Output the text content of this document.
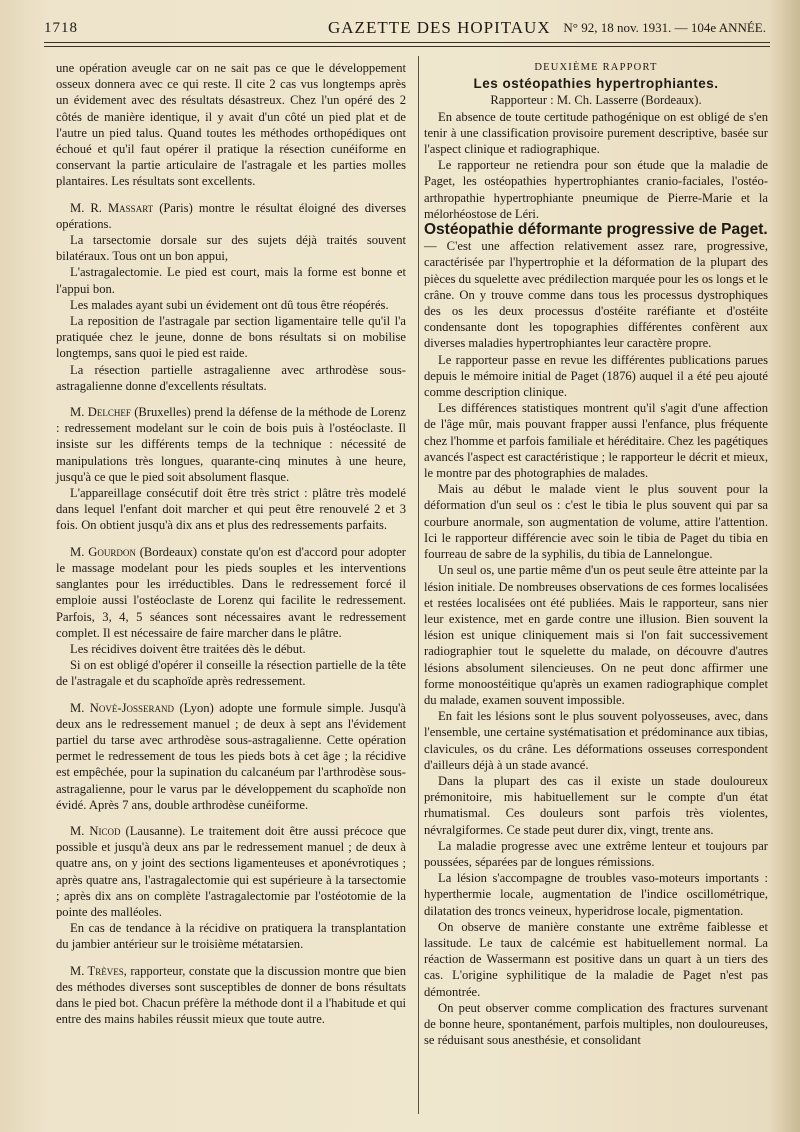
1718	GAZETTE DES HOPITAUX N° 92, 18 nov. 1931. — 104e ANNÉE.

une opération aveugle car on ne sait pas ce que le développement osseux donnera avec ce qui reste. Il cite 2 cas vus longtemps après un évidement avec des résultats désastreux. Chez l'un opéré des 2 côtés de manière identique, il y avait d'un côté un pied plat et de l'autre un pied talus. Quand toutes les méthodes orthopédiques ont échoué et qu'il faut opérer il pratique la résection cunéiforme en conservant la partie articulaire de l'astragale et les parties molles plantaires. Les résultats sont excellents.

M. R. Massart (Paris) montre le résultat éloigné des diverses opérations.

La tarsectomie dorsale sur des sujets déjà traités souvent bilatéraux. Tous ont un bon appui,

L'astragalectomie. Le pied est court, mais la forme est bonne et l'appui bon.

Les malades ayant subi un évidement ont dû tous être réopérés.

La reposition de l'astragale par section ligamentaire telle qu'il l'a pratiquée chez le jeune, donne de bons résultats si on mobilise longtemps, sans quoi le pied est raide.

La résection partielle astragalienne avec arthrodèse sous-astragalienne donne d'excellents résultats.

M. Delchef (Bruxelles) prend la défense de la méthode de Lorenz : redressement modelant sur le coin de bois puis à l'ostéoclaste. Il insiste sur les différents temps de la technique : nécessité de manipulations très longues, quarante-cinq minutes à une heure, jusqu'à ce que le pied soit absolument flasque.

L'appareillage consécutif doit être très strict : plâtre très modelé dans lequel l'enfant doit marcher et qui peut être renouvelé 2 et 3 fois. On obtient jusqu'à dix ans et plus des redressements parfaits.

M. Gourdon (Bordeaux) constate qu'on est d'accord pour adopter le massage modelant pour les pieds souples et les interventions sanglantes pour les irréductibles. Dans le redressement forcé il emploie aussi l'ostéoclaste de Lorenz qui facilite le redressement. Parfois, 3, 4, 5 séances sont nécessaires avant le redressement complet. Il est nécessaire de faire marcher dans le plâtre.

Les récidives doivent être traitées dès le début.

Si on est obligé d'opérer il conseille la résection partielle de la tête de l'astragale et du scaphoïde après redressement.

M. Nové-Josserand (Lyon) adopte une formule simple. Jusqu'à deux ans le redressement manuel ; de deux à sept ans l'évidement partiel du tarse avec arthrodèse sous-astragalienne. Cette opération permet le redressement de tous les pieds bots à cet âge ; la récidive est empêchée, pour la supination du calcanéum par l'arthrodèse sous-astragalienne, pour le varus par le développement du scaphoïde non évidé. Après 7 ans, double arthrodèse cunéiforme.

M. Nicod (Lausanne). Le traitement doit être aussi précoce que possible et jusqu'à deux ans par le redressement manuel ; de deux à quatre ans, on y joint des sections ligamenteuses et aponévrotiques ; après quatre ans, l'astragalectomie qui est supérieure à la tarsectomie ; après dix ans on complète l'astragalectomie par l'ostéotomie de la pointe des malléoles.

En cas de tendance à la récidive on pratiquera la transplantation du jambier antérieur sur le troisième métatarsien.

M. Trèves, rapporteur, constate que la discussion montre que bien des méthodes diverses sont susceptibles de donner de bons résultats dans le pied bot. Chacun préfère la méthode dont il a l'habitude et qui entre des mains habiles réussit mieux que toute autre.

DEUXIÈME RAPPORT

Les ostéopathies hypertrophiantes.

Rapporteur : M. Ch. Lasserre (Bordeaux).

En absence de toute certitude pathogénique on est obligé de s'en tenir à une classification provisoire purement descriptive, basée sur l'aspect clinique et radiographique.

Le rapporteur ne retiendra pour son étude que la maladie de Paget, les ostéopathies hypertrophiantes cranio-faciales, l'ostéo-arthropathie hypertrophiante pneumique de Pierre-Marie et la mélorhéostose de Léri.

Ostéopathie déformante progressive de Paget.

— C'est une affection relativement assez rare, progressive, caractérisée par l'hypertrophie et la déformation de la plupart des pièces du squelette avec prédilection marquée pour les os longs et le crâne. On y trouve comme dans tous les processus dystrophiques des os les deux processus d'ostéite raréfiante et d'ostéite condensante dont les topographies différentes confèrent aux diverses maladies hypertrophiantes leur caractère propre.

Le rapporteur passe en revue les différentes publications parues depuis le mémoire initial de Paget (1876) auquel il a été peu ajouté comme description clinique.

Les différences statistiques montrent qu'il s'agit d'une affection de l'âge mûr, mais pouvant frapper aussi l'enfance, plus fréquente chez l'homme et parfois familiale et héréditaire. Chez les pagétiques avancés l'aspect est caractéristique ; le rapporteur le décrit et mieux, le montre par des photographies de malades.

Mais au début le malade vient le plus souvent pour la déformation d'un seul os : c'est le tibia le plus souvent qui par sa courbure anormale, son augmentation de volume, attire l'attention. Ici le rapporteur différencie avec soin le tibia de Paget du tibia en fourreau de sabre de la syphilis, du tibia de Lannelongue.

Un seul os, une partie même d'un os peut seule être atteinte par la lésion initiale. De nombreuses observations de ces formes localisées et restées localisées ont été publiées. Mais le rapporteur, sans nier leur existence, met en garde contre une illusion. Bien souvent la lésion est unique cliniquement mais si l'on fait successivement radiographier tout le squelette du malade, on découvre d'autres lésions absolument silencieuses. On ne peut donc affirmer une forme monoostéitique qu'après un examen radiographique complet du malade, examen souvent impossible.

En fait les lésions sont le plus souvent polyosseuses, avec, dans l'ensemble, une certaine systématisation et prédominance aux tibias, clavicules, os du crâne. Les déformations osseuses correspondent d'ailleurs déjà à un stade avancé.

Dans la plupart des cas il existe un stade douloureux prémonitoire, mis habituellement sur le compte d'un état rhumatismal. Ces douleurs sont parfois très violentes, névralgiformes. Ce stade peut durer dix, vingt, trente ans.

La maladie progresse avec une extrême lenteur et toujours par poussées, séparées par de longues rémissions.

La lésion s'accompagne de troubles vaso-moteurs importants : hyperthermie locale, augmentation de l'indice oscillométrique, dilatation des troncs veineux, hyperidrose locale, pigmentation.

On observe de manière constante une extrême faiblesse et lassitude. Le taux de calcémie est habituellement normal. La réaction de Wassermann est positive dans un quart à un tiers des cas. L'origine syphilitique de la maladie de Paget n'est pas démontrée.

On peut observer comme complication des fractures survenant de bonne heure, spontanément, parfois multiples, non douloureuses, se réduisant sous anesthésie, et consolidant
